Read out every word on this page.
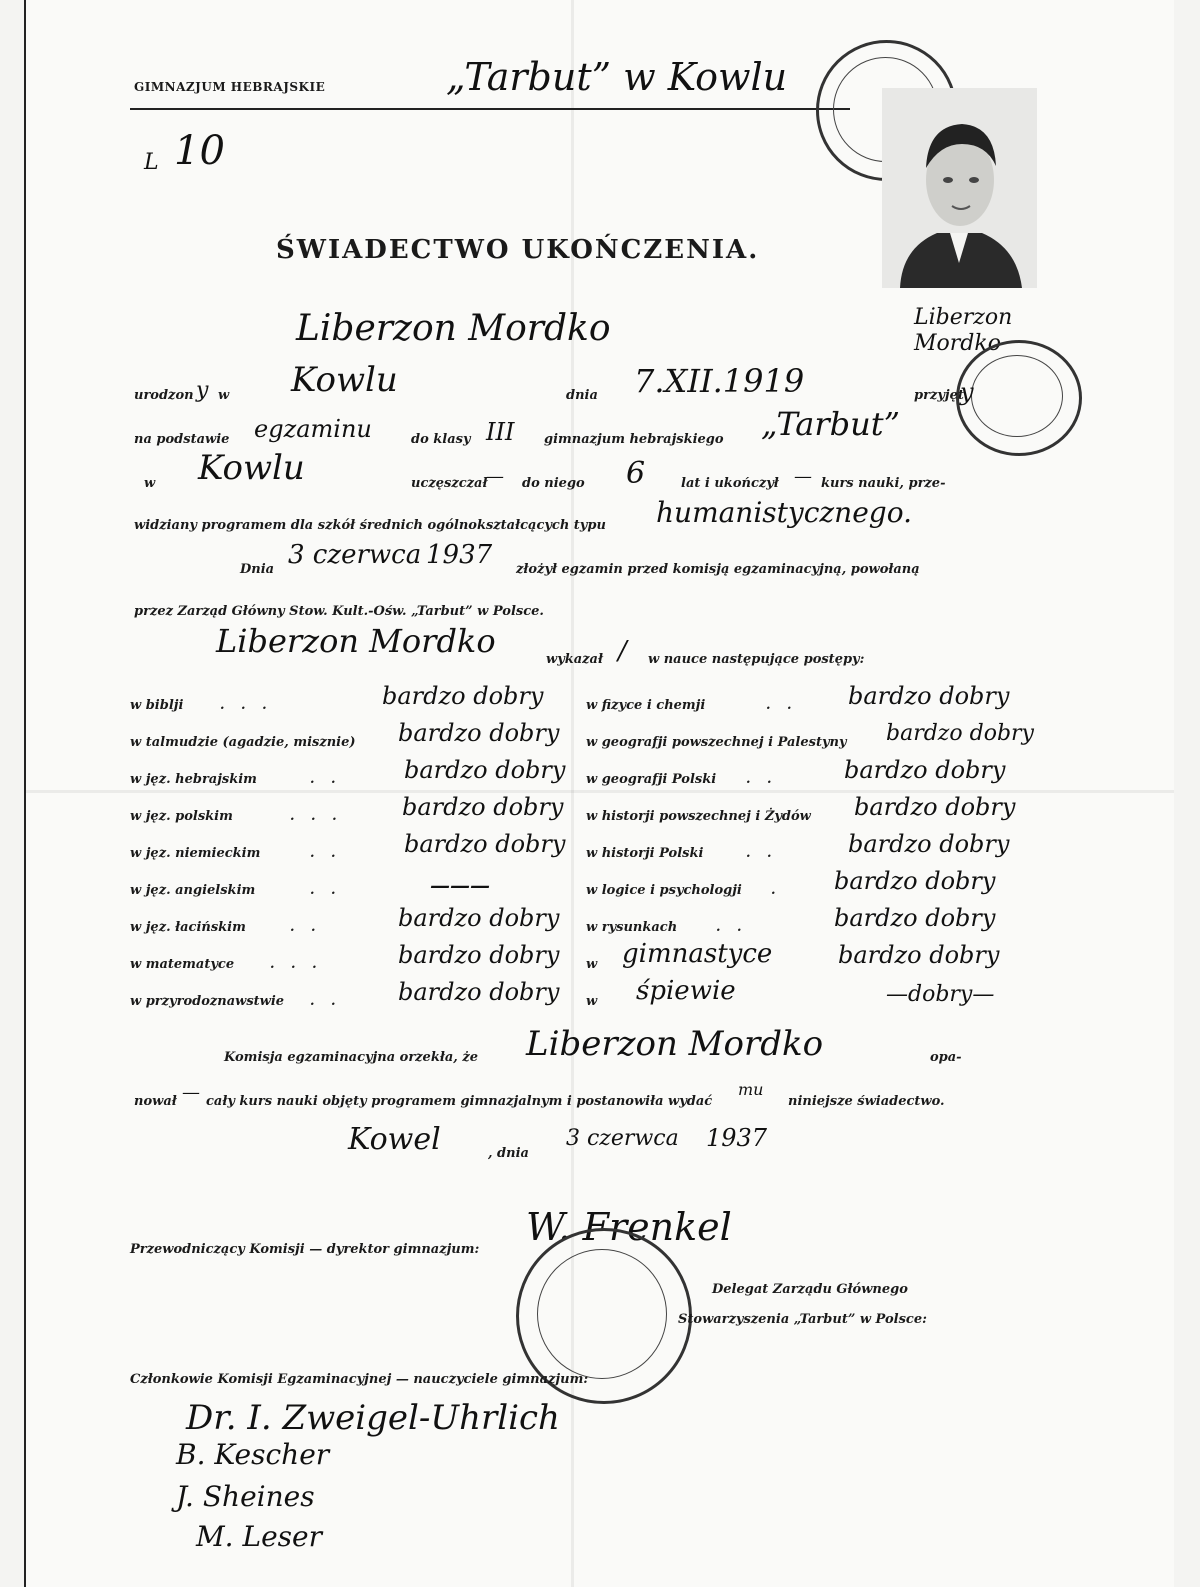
GIMNAZJUM HEBRAJSKIE	„Tarbut” w Kowlu
L 10
Liberzon Mordko
ŚWIADECTWO UKOŃCZENIA.
Liberzon Mordko
urodzon y w Kowlu	dnia 7.XII.1919	przyjęt
y
na podstawie egzaminu	do klasy III gimnazjum hebrajskiego „Tarbut”
w Kowlu	uczęszczał
— do niego 6	lat i ukończył — kurs nauki, prze-
widziany programem dla szkół średnich ogólnokształcących typu humanistycznego.
Dnia 3 czerwca 1937 złożył egzamin przed komisją egzaminacyjną, powołaną
przez Zarząd Główny Stow. Kult.-Ośw. „Tarbut” w Polsce.
Liberzon Mordko	wykazał / w nauce następujące postępy:
w biblji	. . .	bardzo dobry
w talmudzie (agadzie, misznie) bardzo dobry
w jęz. hebrajskim	. .	bardzo dobry
w jęz. polskim	. . . bardzo dobry
w jęz. niemieckim	. .	bardzo dobry
w jęz. angielskim	. .	———
w jęz. łacińskim	. .	bardzo dobry
w matematyce	. . .	bardzo dobry
w przyrodoznawstwie . . bardzo dobry
w fizyce i chemji	. . bardzo dobry
w geografji powszechnej i Palestyny bardzo dobry
w geografji Polski . .	bardzo dobry
w historji powszechnej i Żydów bardzo dobry
w historji Polski	. .	bardzo dobry
w logice i psychologji . bardzo dobry
w rysunkach	. .	bardzo dobry
w gimnastyce	bardzo dobry
w śpiewie	—dobry—
Komisja egzaminacyjna orzekła, że Liberzon Mordko	opa-
nował — cały kurs nauki objęty programem gimnazjalnym i postanowiła wydać
mu
niniejsze świadectwo.
Kowel	, dnia
3 czerwca 1937
Przewodniczący Komisji — dyrektor gimnazjum:
W. Frenkel
Delegat Zarządu Głównego
Stowarzyszenia „Tarbut” w Polsce:
Członkowie Komisji Egzaminacyjnej — nauczyciele gimnazjum:
Dr. I. Zweigel-Uhrlich
B. Kescher
J. Sheines
M. Leser
